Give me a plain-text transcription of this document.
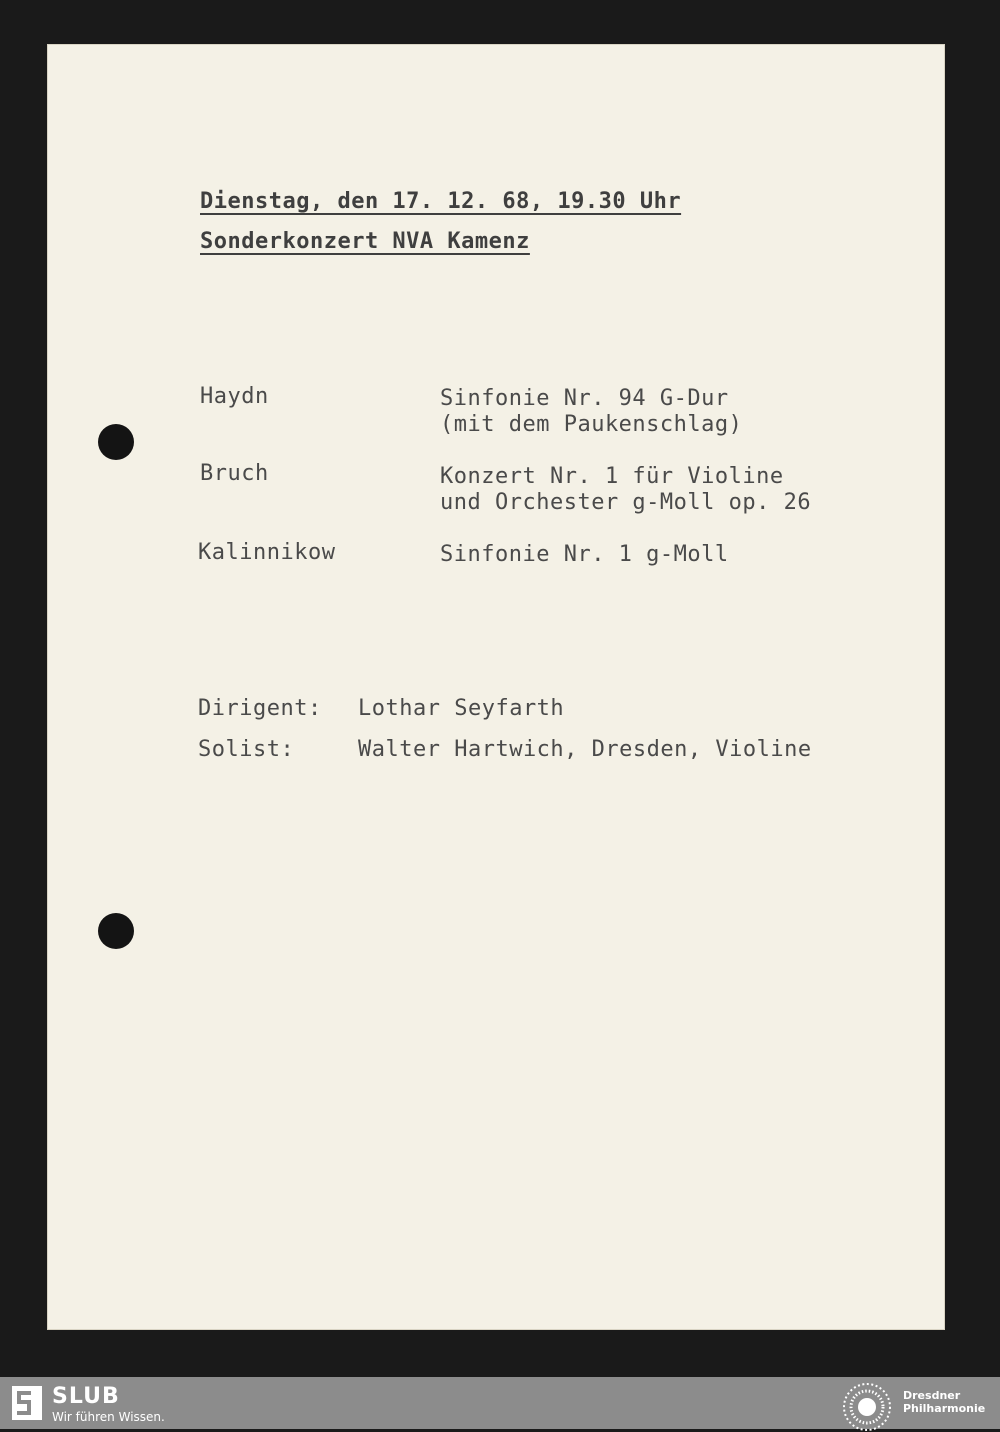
Dienstag, den 17. 12. 68, 19.30 Uhr
Sonderkonzert NVA Kamenz
Haydn	Sinfonie Nr. 94 G-Dur
(mit dem Paukenschlag)
Bruch	Konzert Nr. 1 für Violine
und Orchester g-Moll op. 26
Kalinnikow	Sinfonie Nr. 1 g-Moll
Dirigent: Lothar Seyfarth
Solist:	Walter Hartwich, Dresden, Violine
SLUB
Wir führen Wissen.
Dresdner
Philharmonie
